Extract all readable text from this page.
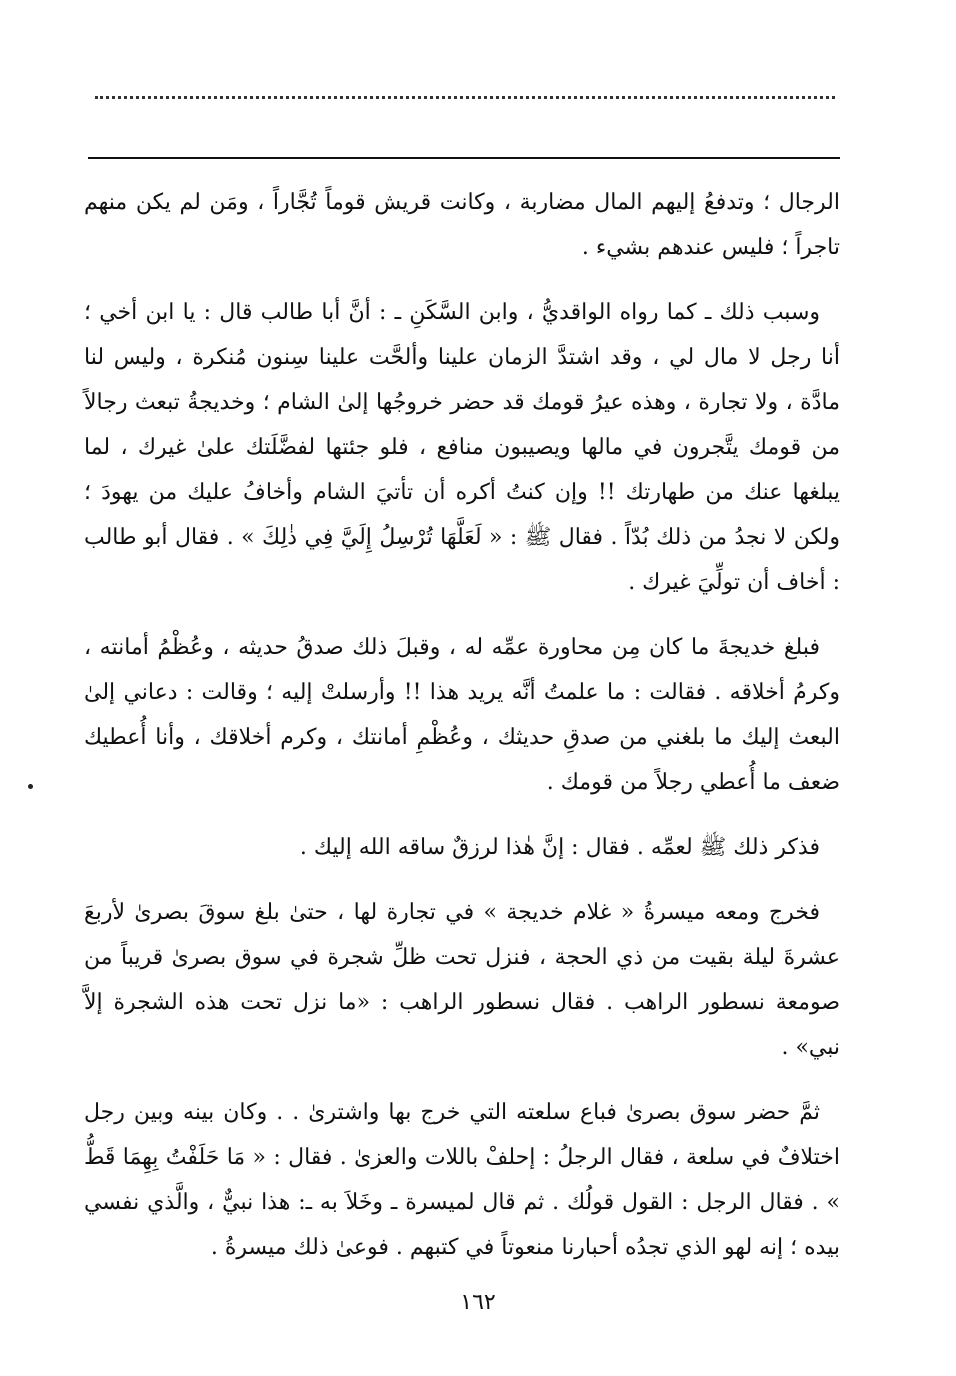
الرجال ؛ وتدفعُ إليهم المال مضاربة ، وكانت قريش قوماً تُجَّاراً ، ومَن لم يكن منهم تاجراً ؛ فليس عندهم بشيء .

وسبب ذلك ـ كما رواه الواقديُّ ، وابن السَّكَنِ ـ : أنَّ أبا طالب قال : يا ابن أخي ؛ أنا رجل لا مال لي ، وقد اشتدَّ الزمان علينا وألحَّت علينا سِنون مُنكرة ، وليس لنا مادَّة ، ولا تجارة ، وهذه عيرُ قومك قد حضر خروجُها إلىٰ الشام ؛ وخديجةُ تبعث رجالاً من قومك يتَّجرون في مالها ويصيبون منافع ، فلو جئتها لفضَّلَتك علىٰ غيرك ، لما يبلغها عنك من طهارتك !! وإن كنتُ أكره أن تأتيَ الشام وأخافُ عليك من يهودَ ؛ ولكن لا نجدُ من ذلك بُدّاً . فقال ﷺ : « لَعَلَّهَا تُرْسِلُ إِلَيَّ فِي ذٰلِكَ » . فقال أبو طالب : أخاف أن تولِّيَ غيرك .

فبلغ خديجةَ ما كان مِن محاورة عمِّه له ، وقبلَ ذلك صدقُ حديثه ، وعُظْمُ أمانته ، وكرمُ أخلاقه . فقالت : ما علمتُ أنَّه يريد هذا !! وأرسلتْ إليه ؛ وقالت : دعاني إلىٰ البعث إليك ما بلغني من صدقِ حديثك ، وعُظْمِ أمانتك ، وكرم أخلاقك ، وأنا أُعطيك ضعف ما أُعطي رجلاً من قومك .

فذكر ذلك ﷺ لعمِّه . فقال : إنَّ هٰذا لرزقٌ ساقه الله إليك .

فخرج ومعه ميسرةُ « غلام خديجة » في تجارة لها ، حتىٰ بلغ سوقَ بصرىٰ لأربعَ عشرةَ ليلة بقيت من ذي الحجة ، فنزل تحت ظلِّ شجرة في سوق بصرىٰ قريباً من صومعة نسطور الراهب . فقال نسطور الراهب : «ما نزل تحت هذه الشجرة إلاَّ نبي» .

ثمَّ حضر سوق بصرىٰ فباع سلعته التي خرج بها واشترىٰ . . وكان بينه وبين رجل اختلافٌ في سلعة ، فقال الرجلُ : إحلفْ باللات والعزىٰ . فقال : « مَا حَلَفْتُ بِهِمَا قَطُّ » . فقال الرجل : القول قولُك . ثم قال لميسرة ـ وخَلاَ به ـ: هذا نبيٌّ ، والَّذي نفسي بيده ؛ إنه لهو الذي تجدُه أحبارنا منعوتاً في كتبهم . فوعىٰ ذلك ميسرةُ .

١٦٢
